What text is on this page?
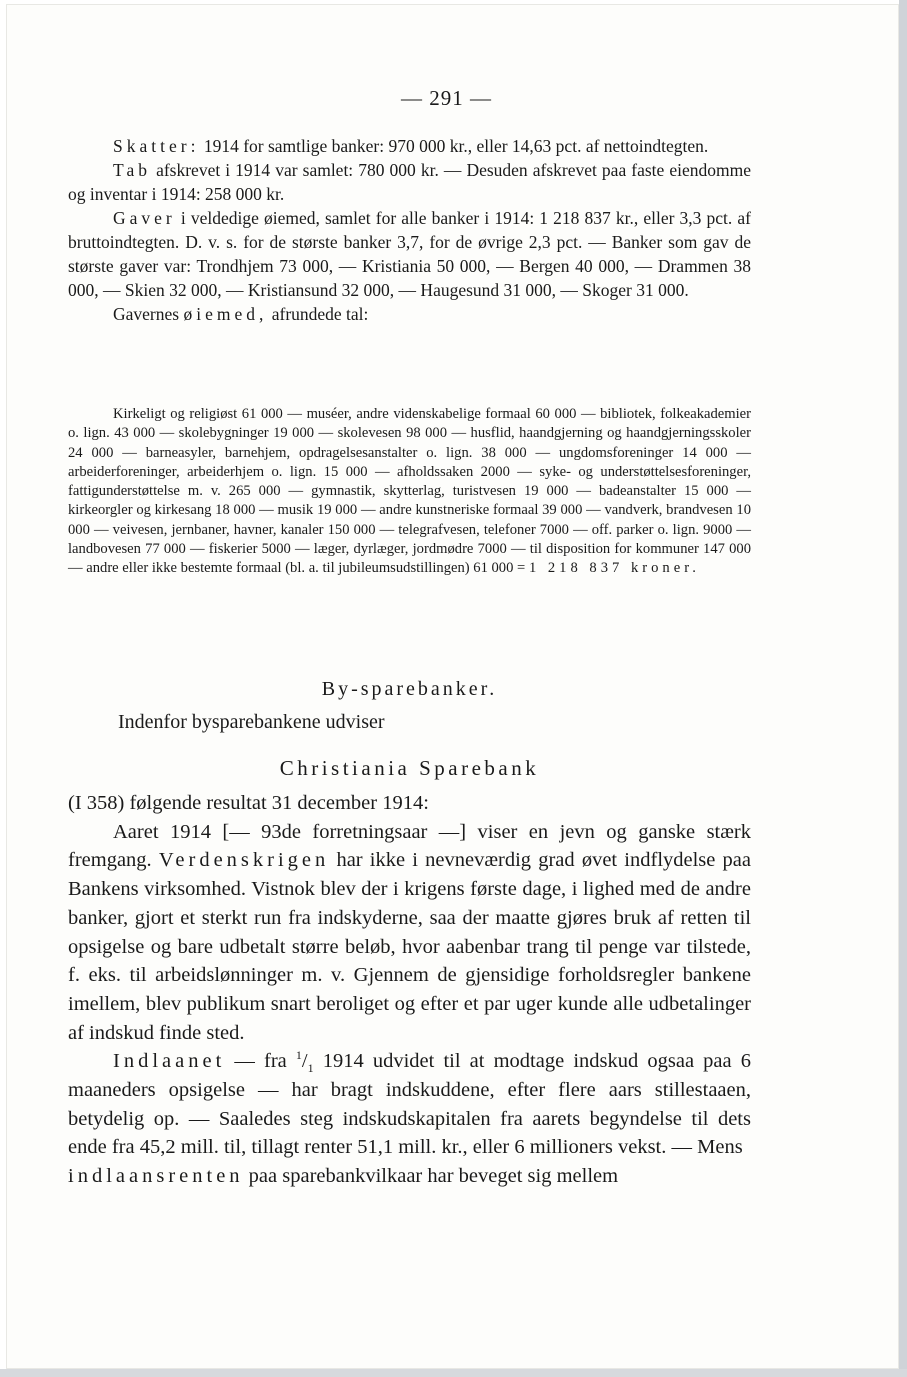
— 291 —

Skatter: 1914 for samtlige banker: 970 000 kr., eller 14,63 pct. af nettoindtegten.

Tab afskrevet i 1914 var samlet: 780 000 kr. — Desuden afskrevet paa faste eiendomme og inventar i 1914: 258 000 kr.

Gaver i veldedige øiemed, samlet for alle banker i 1914: 1 218 837 kr., eller 3,3 pct. af bruttoindtegten. D. v. s. for de største banker 3,7, for de øvrige 2,3 pct. — Banker som gav de største gaver var: Trondhjem 73 000, — Kristiania 50 000, — Bergen 40 000, — Drammen 38 000, — Skien 32 000, — Kristiansund 32 000, — Haugesund 31 000, — Skoger 31 000.

Gavernes øiemed, afrundede tal:

Kirkeligt og religiøst 61 000 — muséer, andre videnskabelige formaal 60 000 — bibliotek, folkeakademier o. lign. 43 000 — skolebygninger 19 000 — skolevesen 98 000 — husflid, haandgjerning og haandgjerningsskoler 24 000 — barneasyler, barnehjem, opdragelsesanstalter o. lign. 38 000 — ungdomsforeninger 14 000 — arbeiderforeninger, arbeiderhjem o. lign. 15 000 — afholdssaken 2000 — syke- og understøttelsesforeninger, fattigunderstøttelse m. v. 265 000 — gymnastik, skytterlag, turistvesen 19 000 — badeanstalter 15 000 — kirkeorgler og kirkesang 18 000 — musik 19 000 — andre kunstneriske formaal 39 000 — vandverk, brandvesen 10 000 — veivesen, jernbaner, havner, kanaler 150 000 — telegrafvesen, telefoner 7000 — off. parker o. lign. 9000 — landbovesen 77 000 — fiskerier 5000 — læger, dyrlæger, jordmødre 7000 — til disposition for kommuner 147 000 — andre eller ikke bestemte formaal (bl. a. til jubileumsudstillingen) 61 000 = 1 218 837 kroner.

By-sparebanker.
Indenfor bysparebankene udviser
Christiania Sparebank

(I 358) følgende resultat 31 december 1914:

Aaret 1914 [— 93de forretningsaar —] viser en jevn og ganske stærk fremgang. Verdenskrigen har ikke i nevneværdig grad øvet indflydelse paa Bankens virksomhed. Vistnok blev der i krigens første dage, i lighed med de andre banker, gjort et sterkt run fra indskyderne, saa der maatte gjøres bruk af retten til opsigelse og bare udbetalt større beløb, hvor aabenbar trang til penge var tilstede, f. eks. til arbeidslønninger m. v. Gjennem de gjensidige forholdsregler bankene imellem, blev publikum snart beroliget og efter et par uger kunde alle udbetalinger af indskud finde sted.

Indlaanet — fra $^1/_1$ 1914 udvidet til at modtage indskud ogsaa paa 6 maaneders opsigelse — har bragt indskuddene, efter flere aars stillestaaen, betydelig op. — Saaledes steg indskudskapitalen fra aarets begyndelse til dets ende fra 45,2 mill. til, tillagt renter 51,1 mill. kr., eller 6 millioners vekst. — Mens

indlaansrenten paa sparebankvilkaar har beveget sig mellem
